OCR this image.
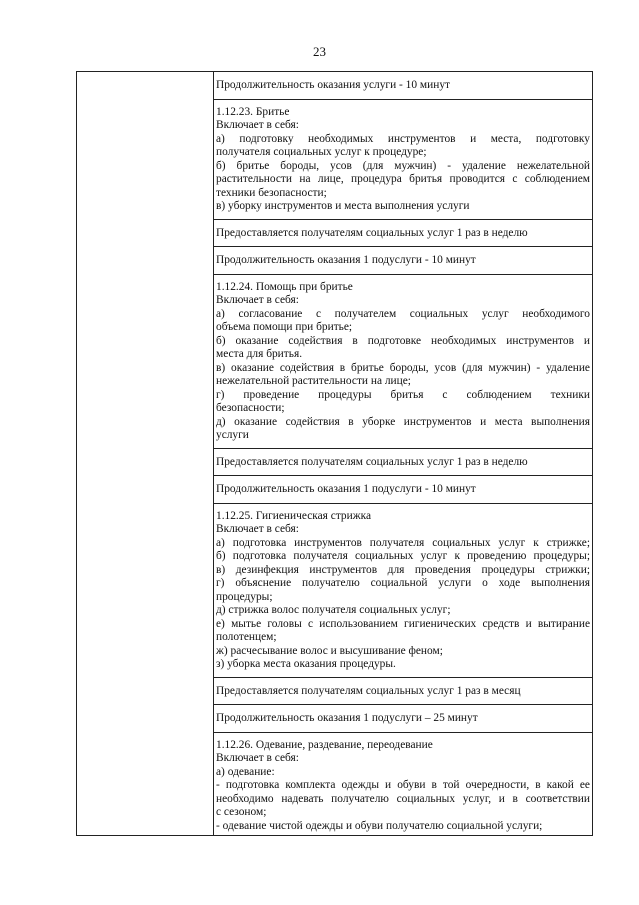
23

Продолжительность оказания услуги - 10 минут

1.12.23. Бритье
Включает в себя:
а) подготовку необходимых инструментов и места, подготовку
получателя социальных услуг к процедуре;
б) бритье бороды, усов (для мужчин) - удаление нежелательной
растительности на лице, процедура бритья проводится с соблюдением
техники безопасности;
в) уборку инструментов и места выполнения услуги

Предоставляется получателям социальных услуг 1 раз в неделю

Продолжительность оказания 1 подуслуги - 10 минут

1.12.24. Помощь при бритье
Включает в себя:
а) согласование с получателем социальных услуг необходимого
объема помощи при бритье;
б) оказание содействия в подготовке необходимых инструментов и
места для бритья.
в) оказание содействия в бритье бороды, усов (для мужчин) - удаление
нежелательной растительности на лице;
г) проведение процедуры бритья с соблюдением техники
безопасности;
д) оказание содействия в уборке инструментов и места выполнения
услуги

Предоставляется получателям социальных услуг 1 раз в неделю

Продолжительность оказания 1 подуслуги - 10 минут

1.12.25. Гигиеническая стрижка
Включает в себя:
а) подготовка инструментов получателя социальных услуг к стрижке;
б) подготовка получателя социальных услуг к проведению процедуры;
в) дезинфекция инструментов для проведения процедуры стрижки;
г) объяснение получателю социальной услуги о ходе выполнения
процедуры;
д) стрижка волос получателя социальных услуг;
е) мытье головы с использованием гигиенических средств и вытирание
полотенцем;
ж) расчесывание волос и высушивание феном;
з) уборка места оказания процедуры.

Предоставляется получателям социальных услуг 1 раз в месяц

Продолжительность оказания 1 подуслуги – 25 минут

1.12.26. Одевание, раздевание, переодевание
Включает в себя:
а) одевание:
- подготовка комплекта одежды и обуви в той очередности, в какой ее
необходимо надевать получателю социальных услуг, и в соответствии
с сезоном;
- одевание чистой одежды и обуви получателю социальной услуги;
